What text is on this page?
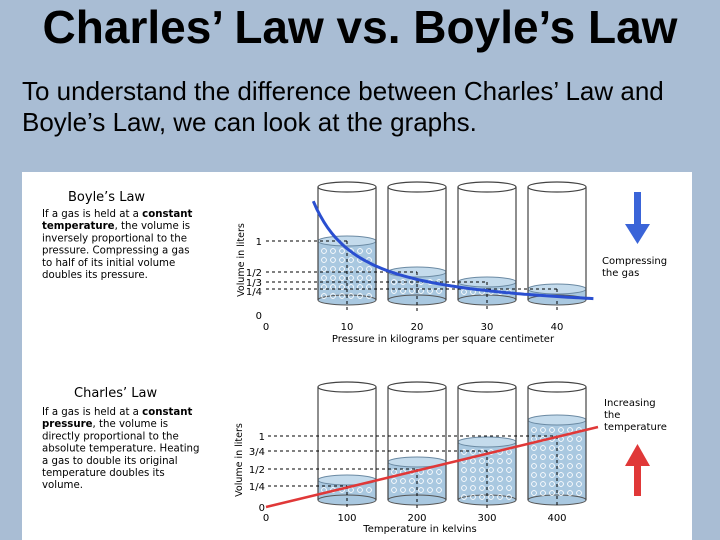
Charles’ Law vs. Boyle’s Law
To understand the difference between Charles’ Law and Boyle’s Law, we can look at the graphs.
Boyle’s Law
If a gas is held at a constant
temperature, the volume is
inversely proportional to the
pressure. Compressing a gas
to half of its initial volume
doubles its pressure.	Volume in liters 1
1/2
1/3
1/4
0
0	10	20	30	40
Pressure in kilograms per square centimeter
Compressing
the gas
Charles’ Law
If a gas is held at a constant
pressure, the volume is
directly proportional to the
absolute temperature. Heating
a gas to double its original
temperature doubles its
volume.	Volume in liters 1
3/4
1/2
1/4
0
0	100	200	300	400
Temperature in kelvins
Increasing
the
temperature
